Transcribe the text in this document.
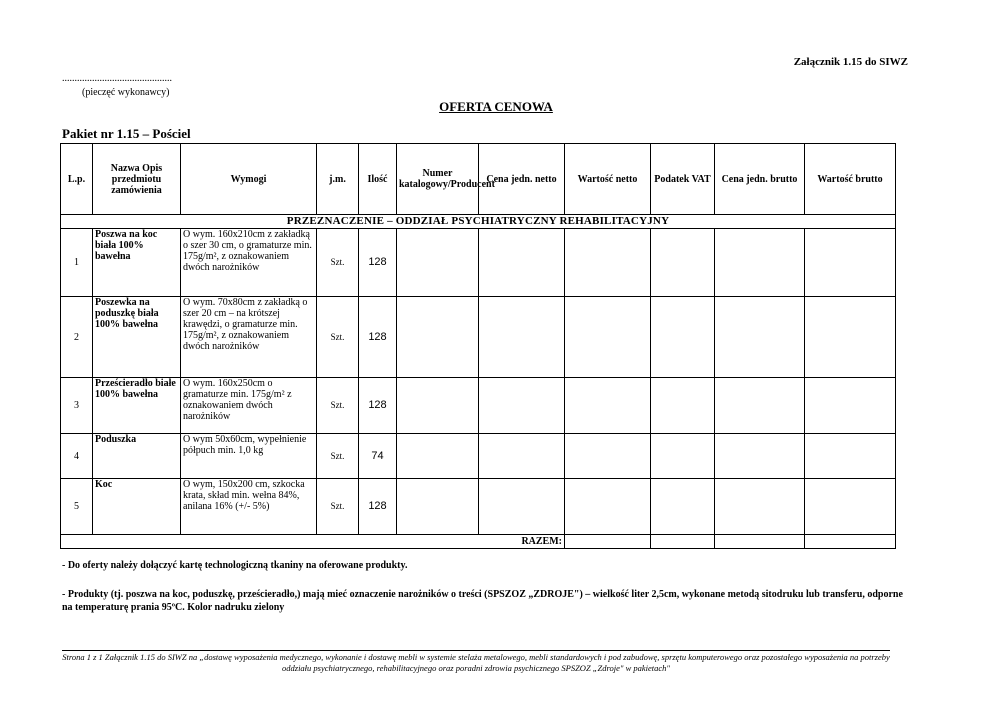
Załącznik 1.15 do SIWZ
............................................
(pieczęć wykonawcy)
OFERTA CENOWA
Pakiet nr 1.15 – Pościel
L.p.	Nazwa Opis przedmiotu zamówienia	Wymogi	j.m.	Ilość	Numer katalogowy/Producent	Cena jedn. netto	Wartość netto	Podatek VAT	Cena jedn. brutto	Wartość brutto
PRZEZNACZENIE – ODDZIAŁ PSYCHIATRYCZNY REHABILITACYJNY										
1	Poszwa na koc biała 100% bawełna	O wym. 160x210cm z zakładką o szer 30 cm, o gramaturze min. 175g/m², z oznakowaniem dwóch narożników	Szt.	128						
2	Poszewka na poduszkę biała 100% bawełna	O wym. 70x80cm z zakładką o szer 20 cm – na krótszej krawędzi, o gramaturze min. 175g/m², z oznakowaniem dwóch narożników	Szt.	128						
3	Prześcieradło białe 100% bawełna	O wym. 160x250cm o gramaturze min. 175g/m² z oznakowaniem dwóch narożników	Szt.	128						
4	Poduszka	O wym 50x60cm, wypełnienie półpuch min. 1,0 kg	Szt.	74						
5	Koc	O wym, 150x200 cm, szkocka krata, skład min. wełna 84%, anilana 16% (+/- 5%)	Szt.	128						
RAZEM:										
- Do oferty należy dołączyć kartę technologiczną tkaniny na oferowane produkty.
- Produkty (tj. poszwa na koc, poduszkę, prześcieradło,) mają mieć oznaczenie narożników o treści (SPSZOZ „ZDROJE") – wielkość liter 2,5cm, wykonane metodą sitodruku lub transferu, odporne na temperaturę prania 95ºC. Kolor nadruku zielony
Strona 1 z 1 Załącznik 1.15 do SIWZ na „dostawę wyposażenia medycznego, wykonanie i dostawę mebli w systemie stelaża metalowego, mebli standardowych i pod zabudowę, sprzętu komputerowego oraz pozostałego wyposażenia na potrzeby oddziału psychiatrycznego, rehabilitacyjnego oraz poradni zdrowia psychicznego SPSZOZ „Zdroje" w pakietach"
